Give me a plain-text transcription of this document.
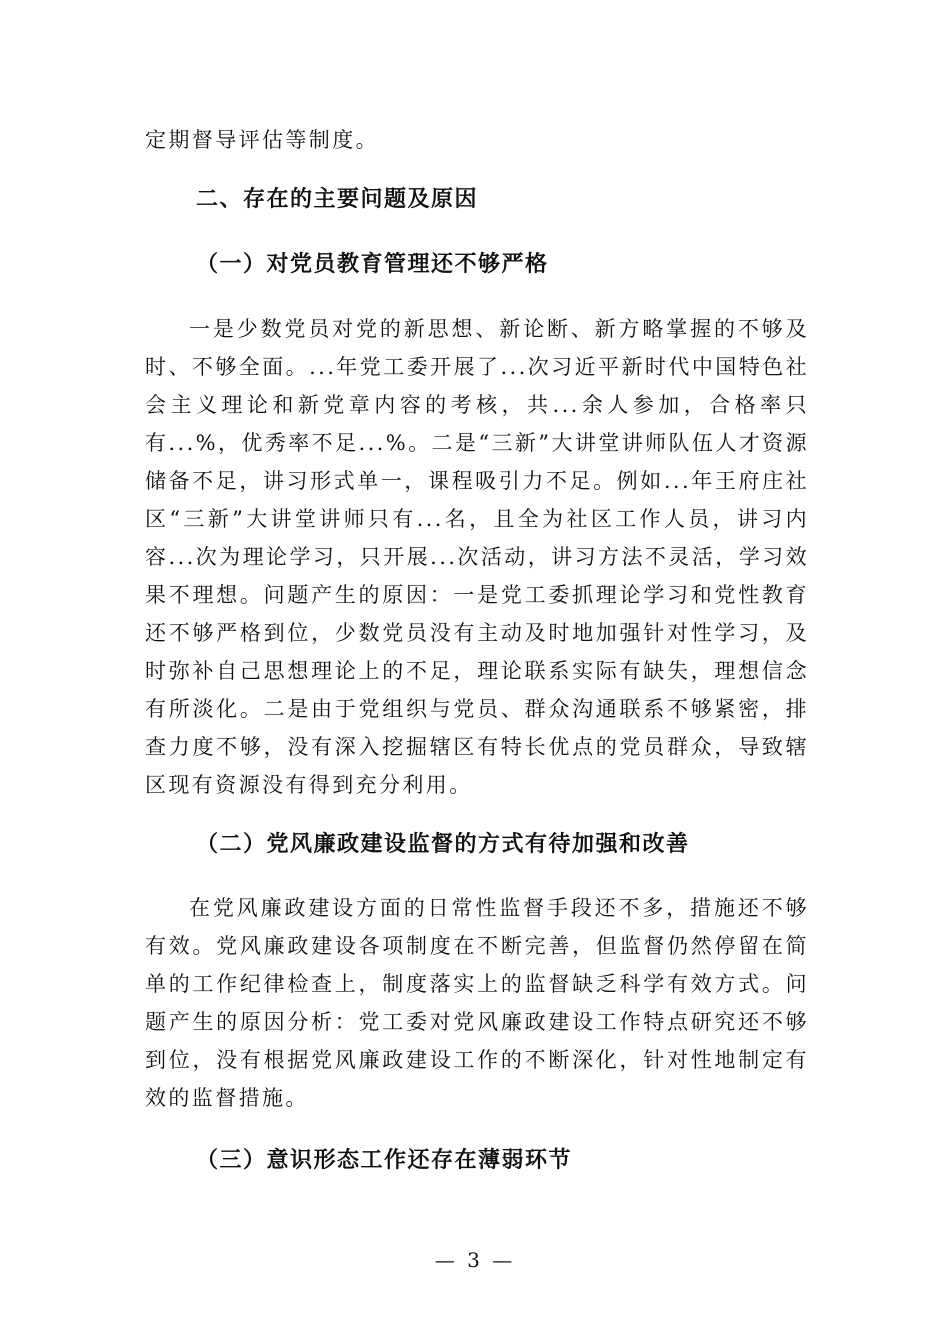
定期督导评估等制度。

二、存在的主要问题及原因
（一）对党员教育管理还不够严格

一是少数党员对党的新思想、新论断、新方略掌握的不够及时、不够全面。...年党工委开展了...次习近平新时代中国特色社会主义理论和新党章内容的考核，共...余人参加，合格率只有...%，优秀率不足...%。二是“三新”大讲堂讲师队伍人才资源储备不足，讲习形式单一，课程吸引力不足。例如...年王府庄社区“三新”大讲堂讲师只有...名，且全为社区工作人员，讲习内容...次为理论学习，只开展...次活动，讲习方法不灵活，学习效果不理想。问题产生的原因：一是党工委抓理论学习和党性教育还不够严格到位，少数党员没有主动及时地加强针对性学习，及时弥补自己思想理论上的不足，理论联系实际有缺失，理想信念有所淡化。二是由于党组织与党员、群众沟通联系不够紧密，排查力度不够，没有深入挖掘辖区有特长优点的党员群众，导致辖区现有资源没有得到充分利用。

（二）党风廉政建设监督的方式有待加强和改善

在党风廉政建设方面的日常性监督手段还不多，措施还不够有效。党风廉政建设各项制度在不断完善，但监督仍然停留在简单的工作纪律检查上，制度落实上的监督缺乏科学有效方式。问题产生的原因分析：党工委对党风廉政建设工作特点研究还不够到位，没有根据党风廉政建设工作的不断深化，针对性地制定有效的监督措施。

（三）意识形态工作还存在薄弱环节
— 3 —
